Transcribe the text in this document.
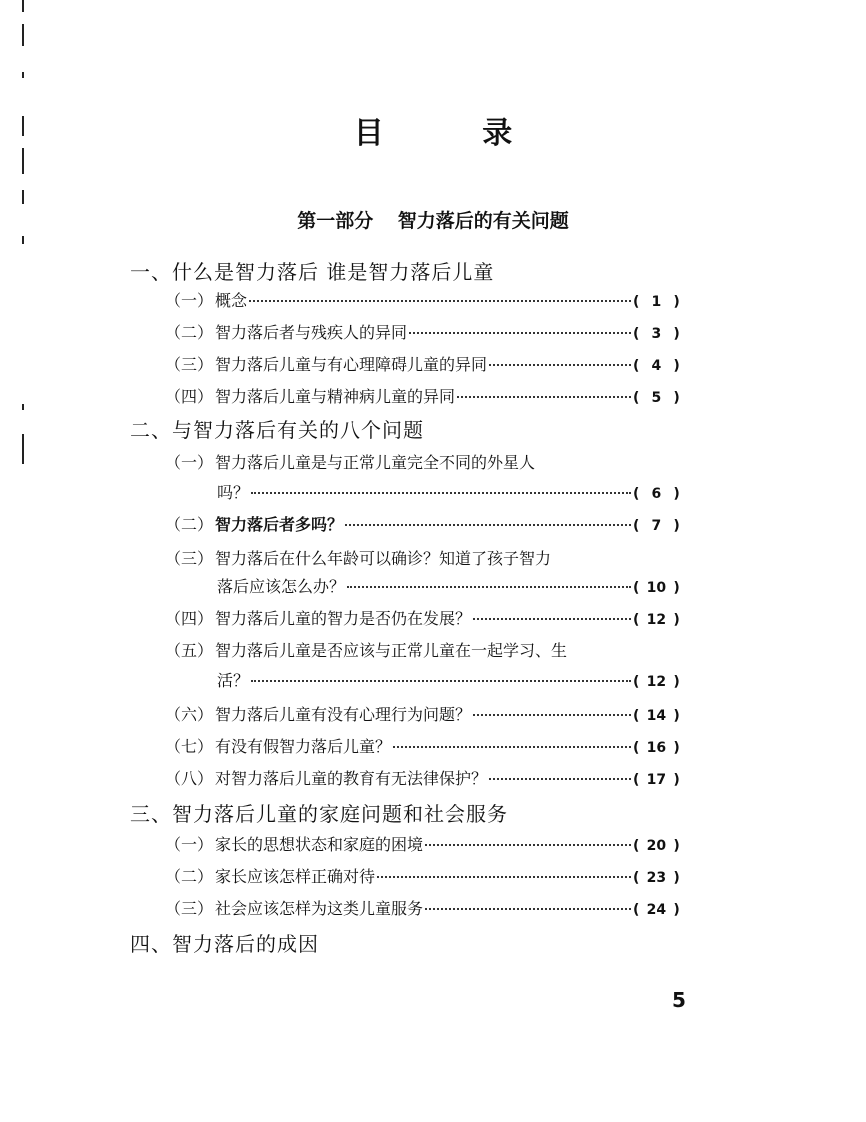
目 录
第一部分 智力落后的有关问题
一、什么是智力落后 谁是智力落后儿童
（一） 概念	( 1 )
（二） 智力落后者与残疾人的异同	( 3 )
（三） 智力落后儿童与有心理障碍儿童的异同	( 4 )
（四） 智力落后儿童与精神病儿童的异同	( 5 )
二、与智力落后有关的八个问题
（一） 智力落后儿童是与正常儿童完全不同的外星人
吗？	( 6 )
（二） 智力落后者多吗？	( 7 )
（三） 智力落后在什么年龄可以确诊？知道了孩子智力
落后应该怎么办？	( 10 )
（四） 智力落后儿童的智力是否仍在发展？	( 12 )
（五） 智力落后儿童是否应该与正常儿童在一起学习、生
活？	( 12 )
（六） 智力落后儿童有没有心理行为问题？	( 14 )
（七） 有没有假智力落后儿童？	( 16 )
（八） 对智力落后儿童的教育有无法律保护？	( 17 )
三、智力落后儿童的家庭问题和社会服务
（一） 家长的思想状态和家庭的困境	( 20 )
（二） 家长应该怎样正确对待	( 23 )
（三） 社会应该怎样为这类儿童服务	( 24 )
四、智力落后的成因
5
